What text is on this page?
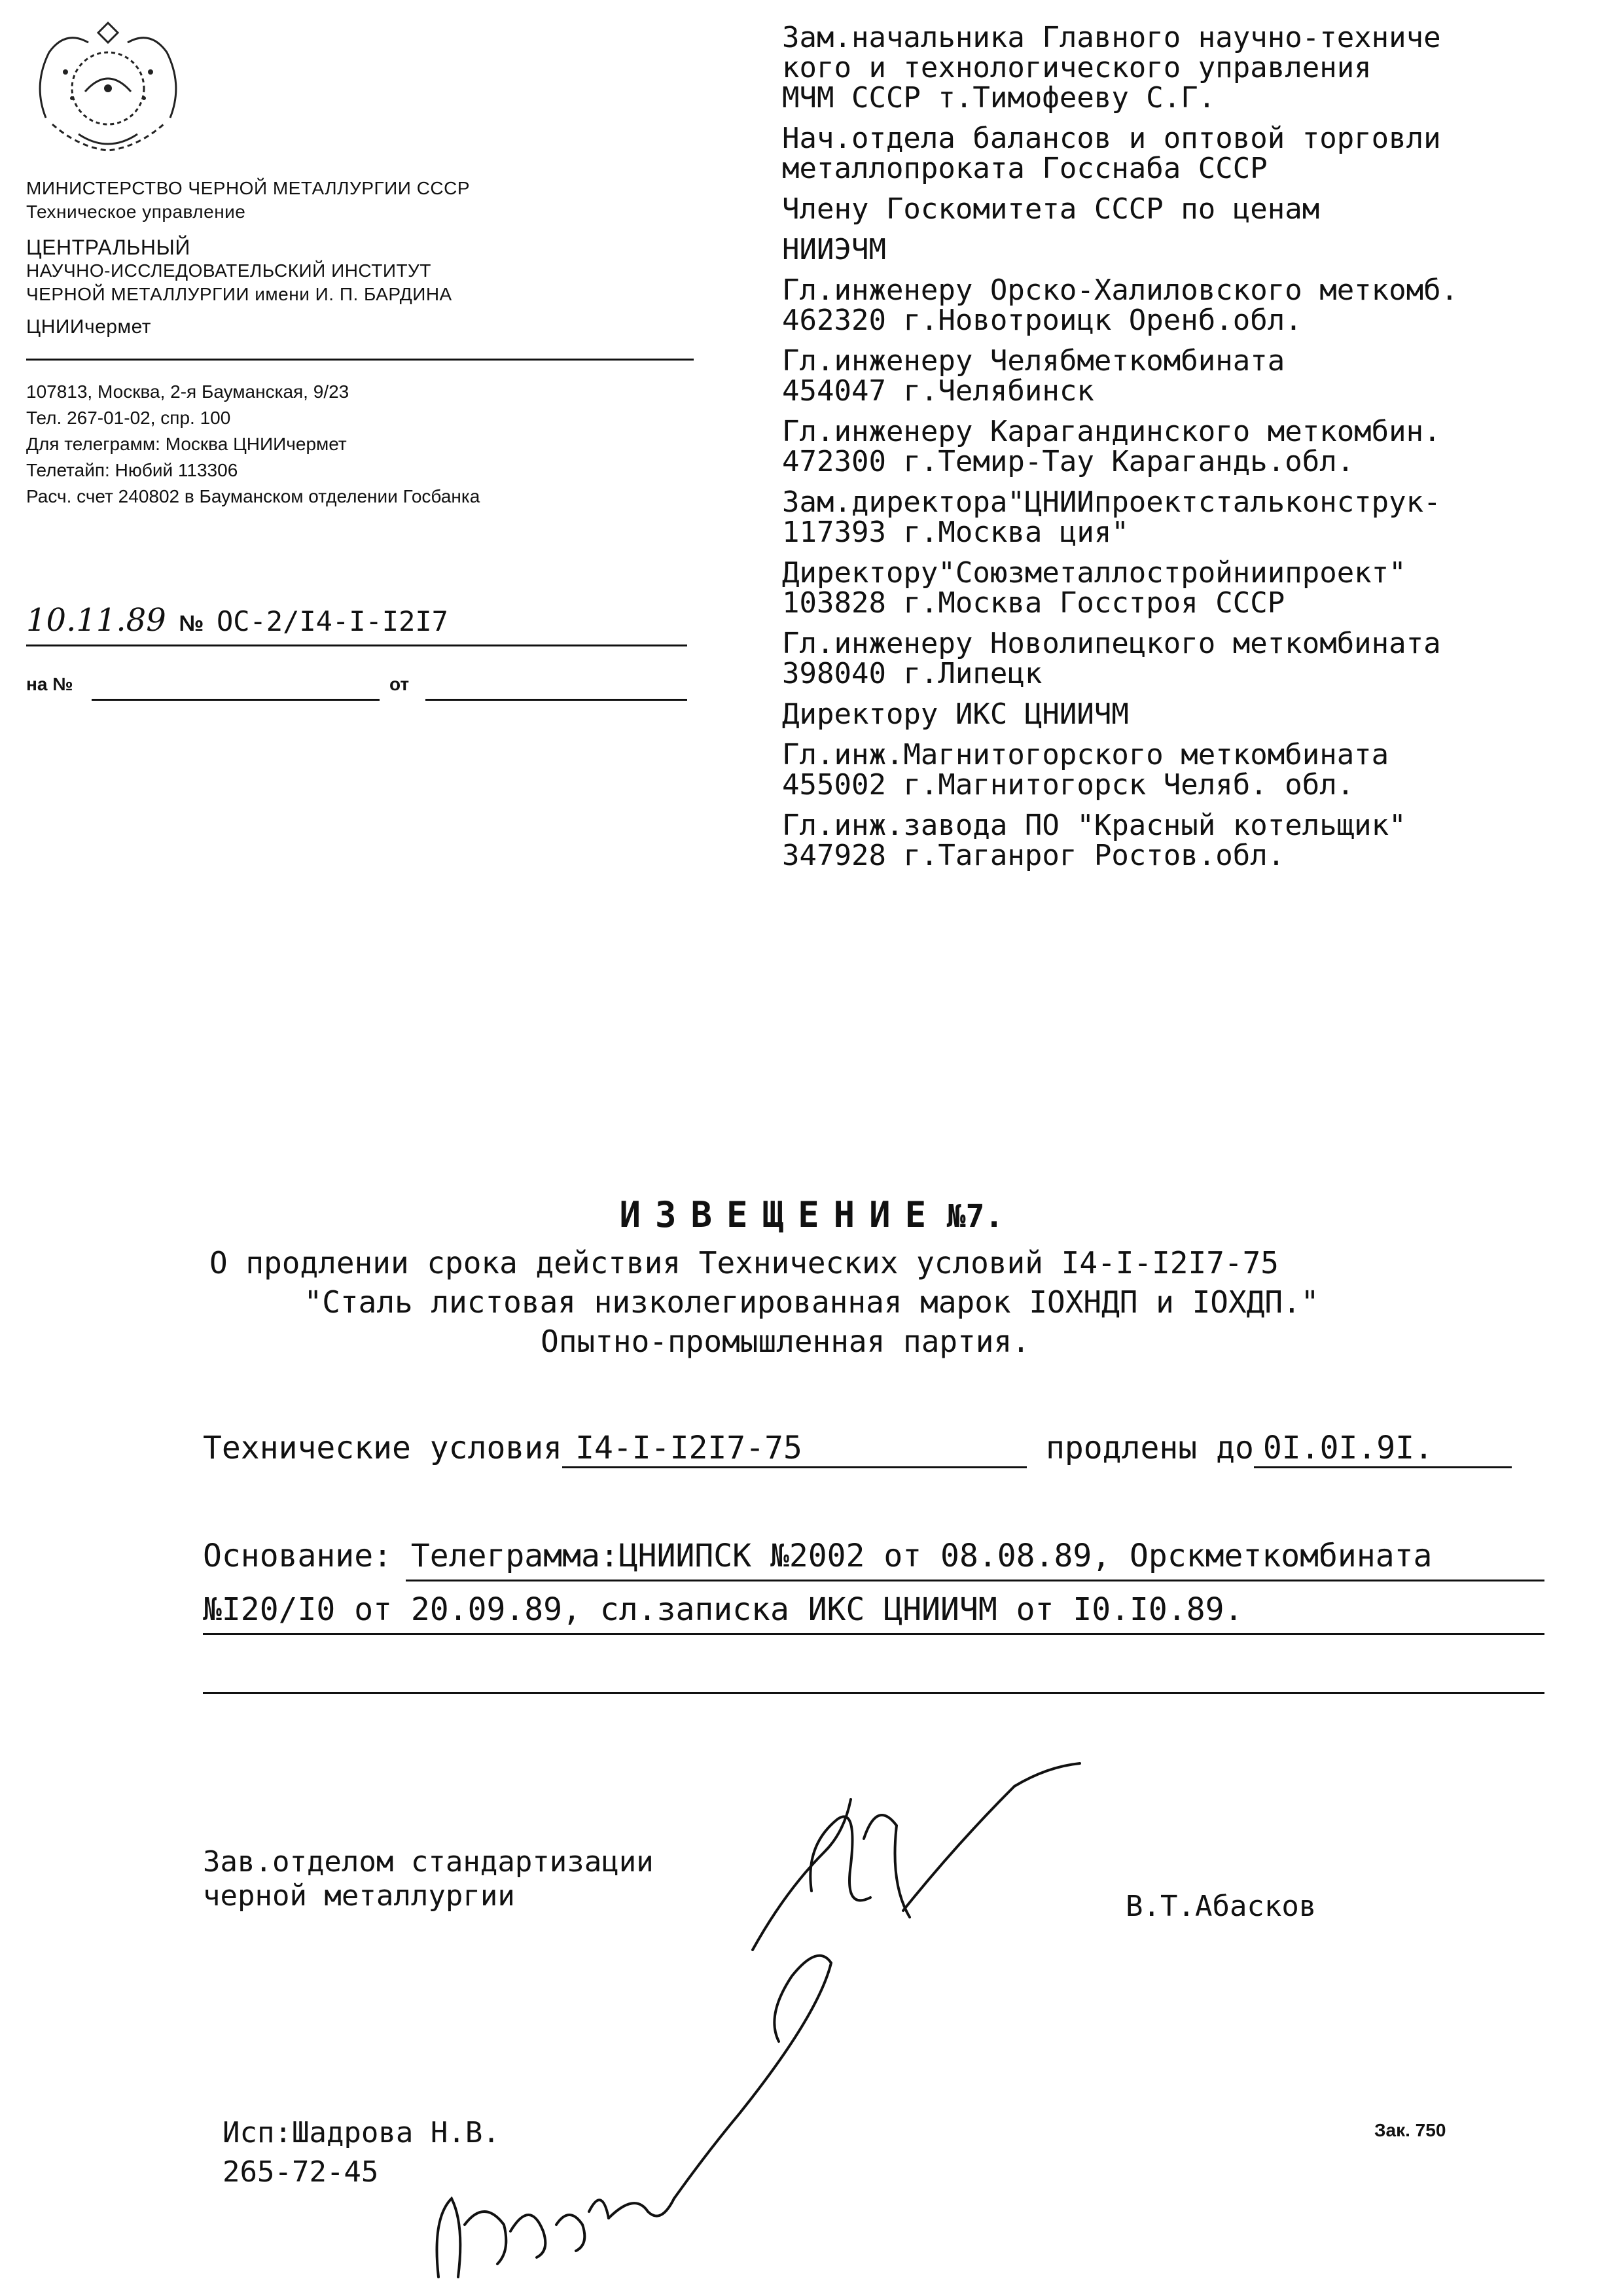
МИНИСТЕРСТВО ЧЕРНОЙ МЕТАЛЛУРГИИ СССР
Техническое управление
ЦЕНТРАЛЬНЫЙ
НАУЧНО-ИССЛЕДОВАТЕЛЬСКИЙ ИНСТИТУТ
ЧЕРНОЙ МЕТАЛЛУРГИИ имени И. П. БАРДИНА
ЦНИИчермет
107813, Москва, 2-я Бауманская, 9/23
Тел. 267-01-02, спр. 100
Для телеграмм: Москва ЦНИИчермет
Телетайп: Нюбий 113306
Расч. счет 240802 в Бауманском отделении Госбанка
10.11.89 № ОС-2/I4-I-I2I7
на №	от
Зам.начальника Главного научно-техниче
кого и технологического управления
МЧМ СССР т.Тимофееву С.Г.
Нач.отдела балансов и оптовой торговли
металлопроката Госснаба СССР
Члену Госкомитета СССР по ценам
НИИЭЧМ
Гл.инженеру Орско-Халиловского меткомб.
462320 г.Новотроицк Оренб.обл.
Гл.инженеру Челябметкомбината
454047 г.Челябинск
Гл.инженеру Карагандинского меткомбин.
472300 г.Темир-Тау Карагандь.обл.
Зам.директора"ЦНИИпроектстальконструк-
117393 г.Москва ция"
Директору"Союзметаллостройниипроект"
103828 г.Москва Госстроя СССР
Гл.инженеру Новолипецкого меткомбината
398040 г.Липецк
Директору ИКС ЦНИИЧМ
Гл.инж.Магнитогорского меткомбината
455002 г.Магнитогорск Челяб. обл.
Гл.инж.завода ПО "Красный котельщик"
347928 г.Таганрог Ростов.обл.
ИЗВЕЩЕНИЕ №7.
О продлении срока действия Технических условий I4-I-I2I7-75
"Сталь листовая низколегированная марок IОХНДП и IОХДП."
Опытно-промышленная партия.
Технические условия I4-I-I2I7-75	продлены до 0I.0I.9I.
Основание: Телеграмма:ЦНИИПСК №2002 от 08.08.89, Орскметкомбината
№I20/I0 от 20.09.89, сл.записка ИКС ЦНИИЧМ от I0.I0.89.
Зав.отделом стандартизации
черной металлургии	В.Т.Абасков
Исп:Шадрова Н.В.
265-72-45
Зак. 750
